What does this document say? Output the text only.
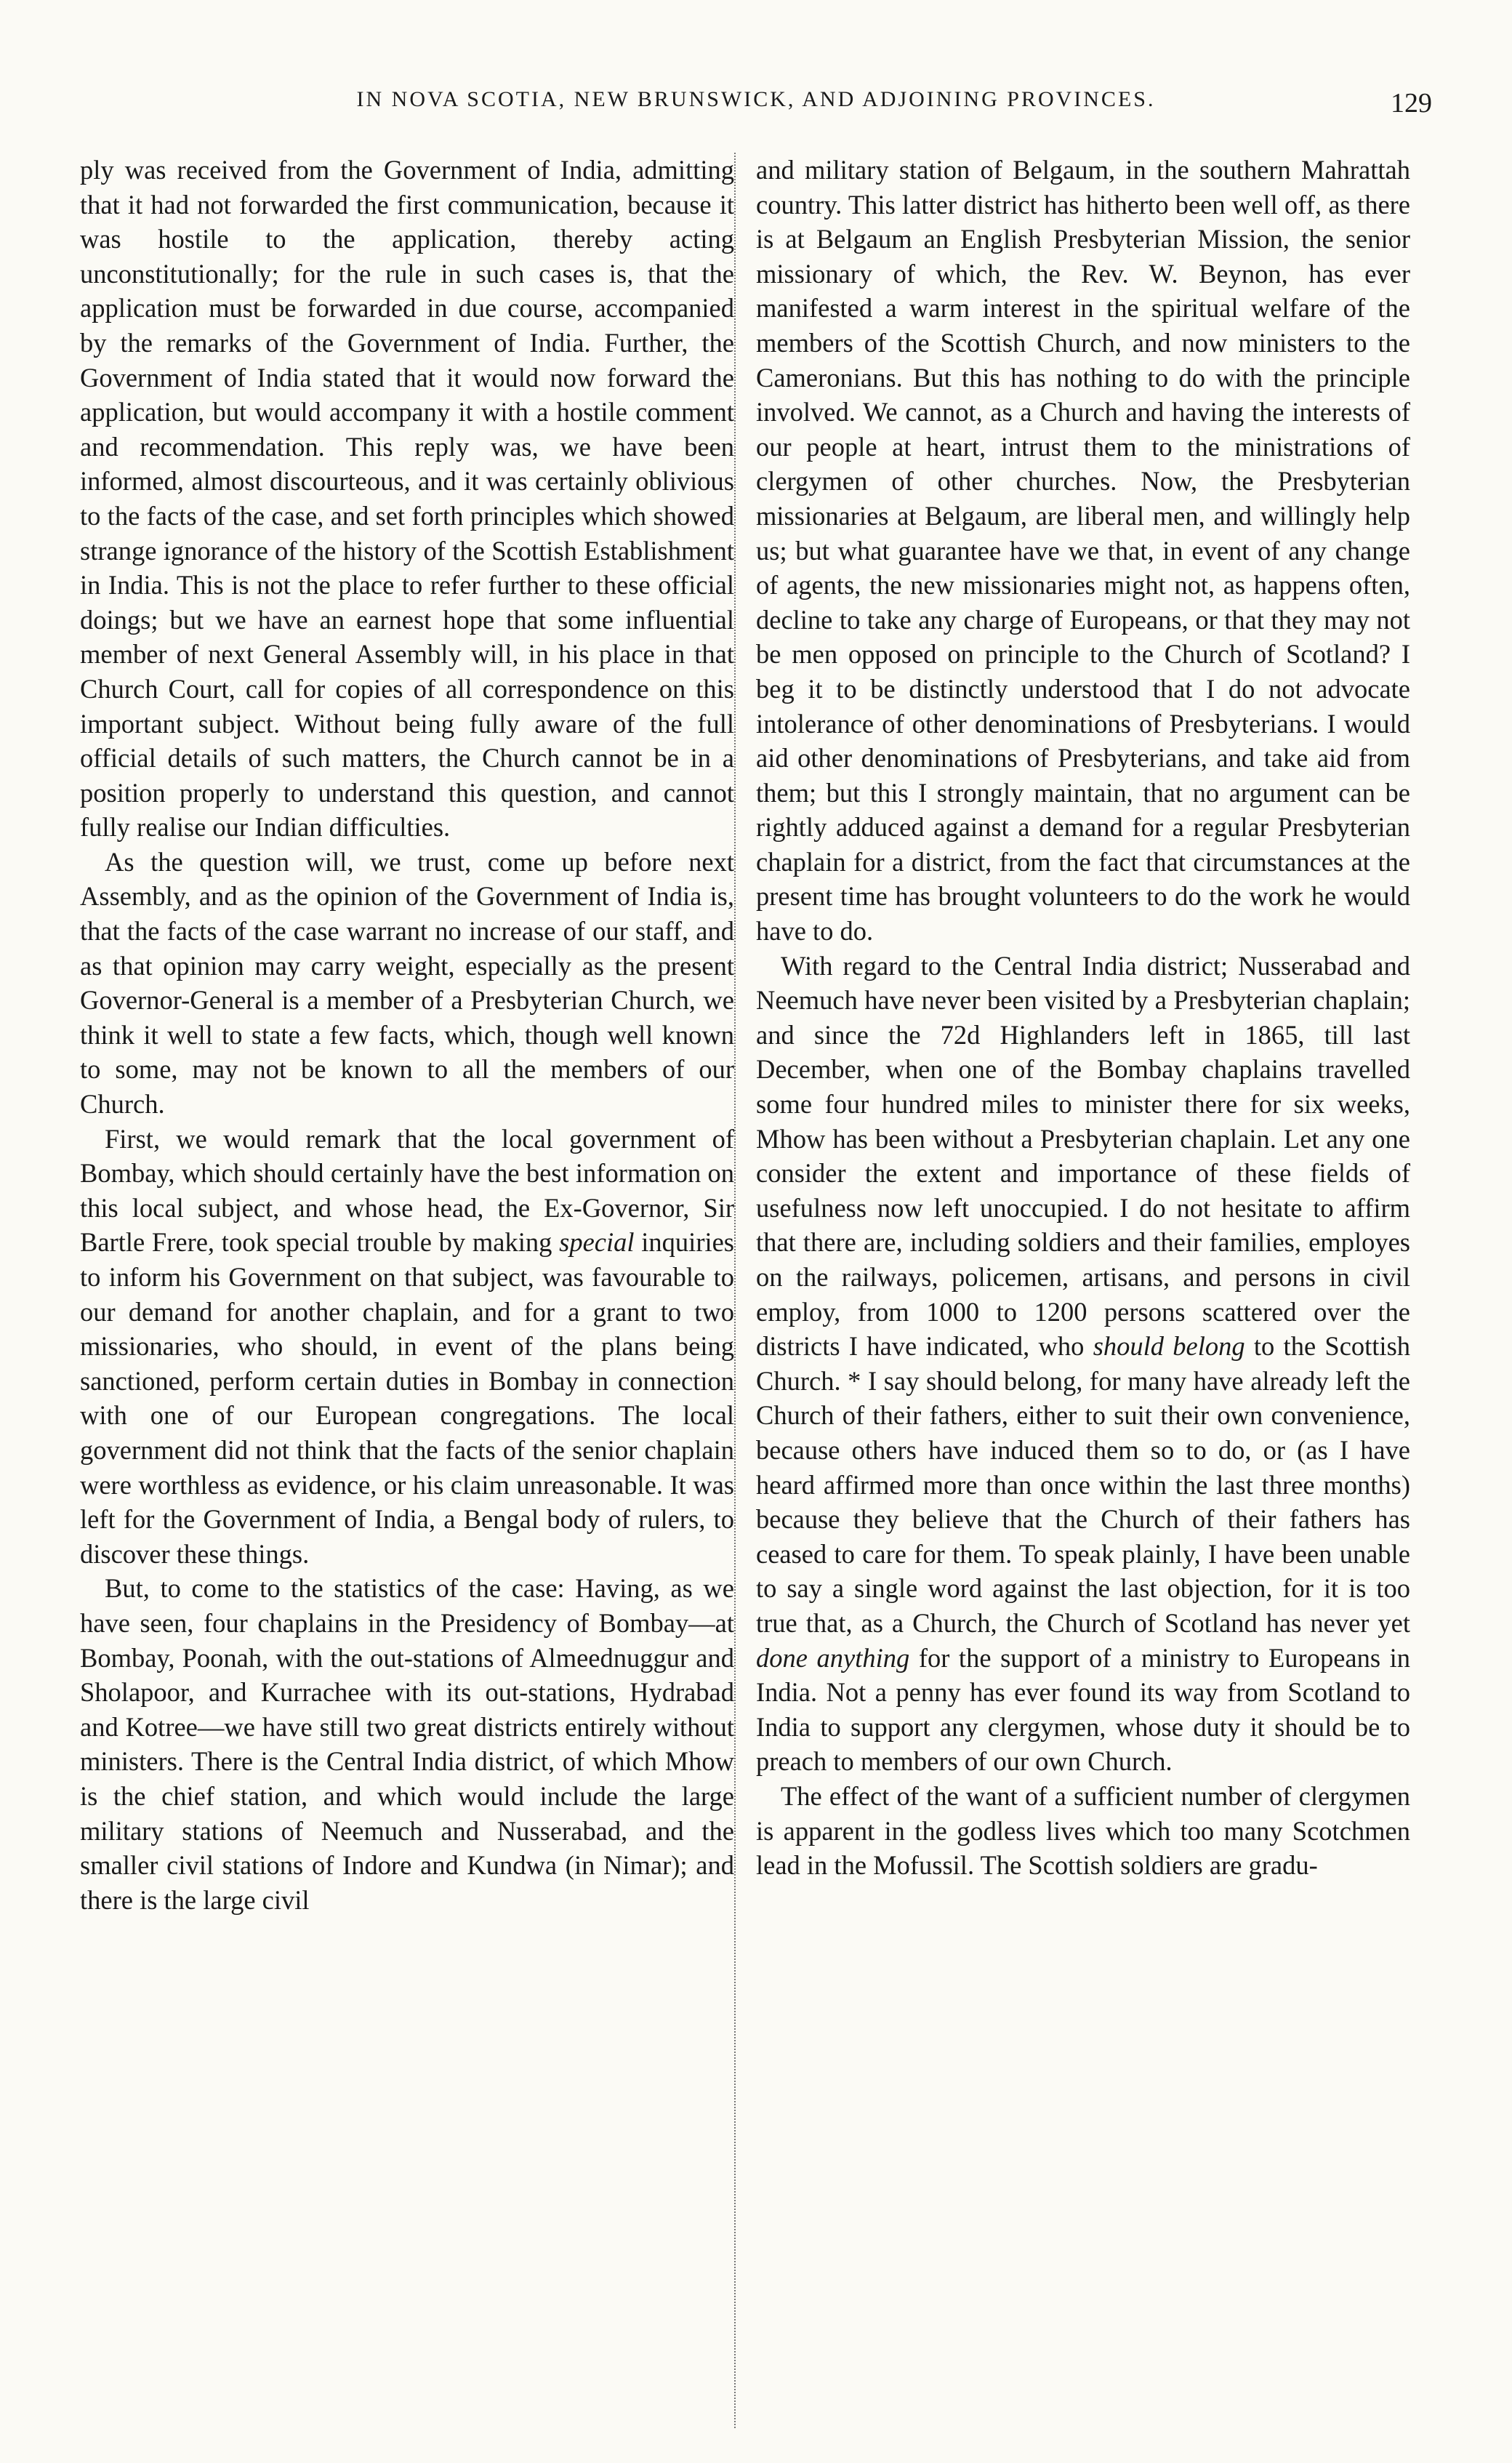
IN NOVA SCOTIA, NEW BRUNSWICK, AND ADJOINING PROVINCES.	129

ply was received from the Government of India, admitting that it had not forwarded the first communication, because it was hostile to the application, thereby acting unconstitutionally; for the rule in such cases is, that the application must be forwarded in due course, accompanied by the remarks of the Government of India. Further, the Government of India stated that it would now forward the application, but would accompany it with a hostile comment and recommendation. This reply was, we have been informed, almost discourteous, and it was certainly oblivious to the facts of the case, and set forth principles which showed strange ignorance of the history of the Scottish Establishment in India. This is not the place to refer further to these official doings; but we have an earnest hope that some influential member of next General Assembly will, in his place in that Church Court, call for copies of all correspondence on this important subject. Without being fully aware of the full official details of such matters, the Church cannot be in a position properly to understand this question, and cannot fully realise our Indian difficulties.

As the question will, we trust, come up before next Assembly, and as the opinion of the Government of India is, that the facts of the case warrant no increase of our staff, and as that opinion may carry weight, especially as the present Governor-General is a member of a Presbyterian Church, we think it well to state a few facts, which, though well known to some, may not be known to all the members of our Church.

First, we would remark that the local government of Bombay, which should certainly have the best information on this local subject, and whose head, the Ex-Governor, Sir Bartle Frere, took special trouble by making special inquiries to inform his Government on that subject, was favourable to our demand for another chaplain, and for a grant to two missionaries, who should, in event of the plans being sanctioned, perform certain duties in Bombay in connection with one of our European congregations. The local government did not think that the facts of the senior chaplain were worthless as evidence, or his claim unreasonable. It was left for the Government of India, a Bengal body of rulers, to discover these things.

But, to come to the statistics of the case: Having, as we have seen, four chaplains in the Presidency of Bombay—at Bombay, Poonah, with the out-stations of Almeednuggur and Sholapoor, and Kurrachee with its out-stations, Hydrabad and Kotree—we have still two great districts entirely without ministers. There is the Central India district, of which Mhow is the chief station, and which would include the large military stations of Neemuch and Nusserabad, and the smaller civil stations of Indore and Kundwa (in Nimar); and there is the large civil

and military station of Belgaum, in the southern Mahrattah country. This latter district has hitherto been well off, as there is at Belgaum an English Presbyterian Mission, the senior missionary of which, the Rev. W. Beynon, has ever manifested a warm interest in the spiritual welfare of the members of the Scottish Church, and now ministers to the Cameronians. But this has nothing to do with the principle involved. We cannot, as a Church and having the interests of our people at heart, intrust them to the ministrations of clergymen of other churches. Now, the Presbyterian missionaries at Belgaum, are liberal men, and willingly help us; but what guarantee have we that, in event of any change of agents, the new missionaries might not, as happens often, decline to take any charge of Europeans, or that they may not be men opposed on principle to the Church of Scotland? I beg it to be distinctly understood that I do not advocate intolerance of other denominations of Presbyterians. I would aid other denominations of Presbyterians, and take aid from them; but this I strongly maintain, that no argument can be rightly adduced against a demand for a regular Presbyterian chaplain for a district, from the fact that circumstances at the present time has brought volunteers to do the work he would have to do.

With regard to the Central India district; Nusserabad and Neemuch have never been visited by a Presbyterian chaplain; and since the 72d Highlanders left in 1865, till last December, when one of the Bombay chaplains travelled some four hundred miles to minister there for six weeks, Mhow has been without a Presbyterian chaplain. Let any one consider the extent and importance of these fields of usefulness now left unoccupied. I do not hesitate to affirm that there are, including soldiers and their families, employes on the railways, policemen, artisans, and persons in civil employ, from 1000 to 1200 persons scattered over the districts I have indicated, who should belong to the Scottish Church. * I say should belong, for many have already left the Church of their fathers, either to suit their own convenience, because others have induced them so to do, or (as I have heard affirmed more than once within the last three months) because they believe that the Church of their fathers has ceased to care for them. To speak plainly, I have been unable to say a single word against the last objection, for it is too true that, as a Church, the Church of Scotland has never yet done anything for the support of a ministry to Europeans in India. Not a penny has ever found its way from Scotland to India to support any clergymen, whose duty it should be to preach to members of our own Church.

The effect of the want of a sufficient number of clergymen is apparent in the godless lives which too many Scotchmen lead in the Mofussil. The Scottish soldiers are gradu-
